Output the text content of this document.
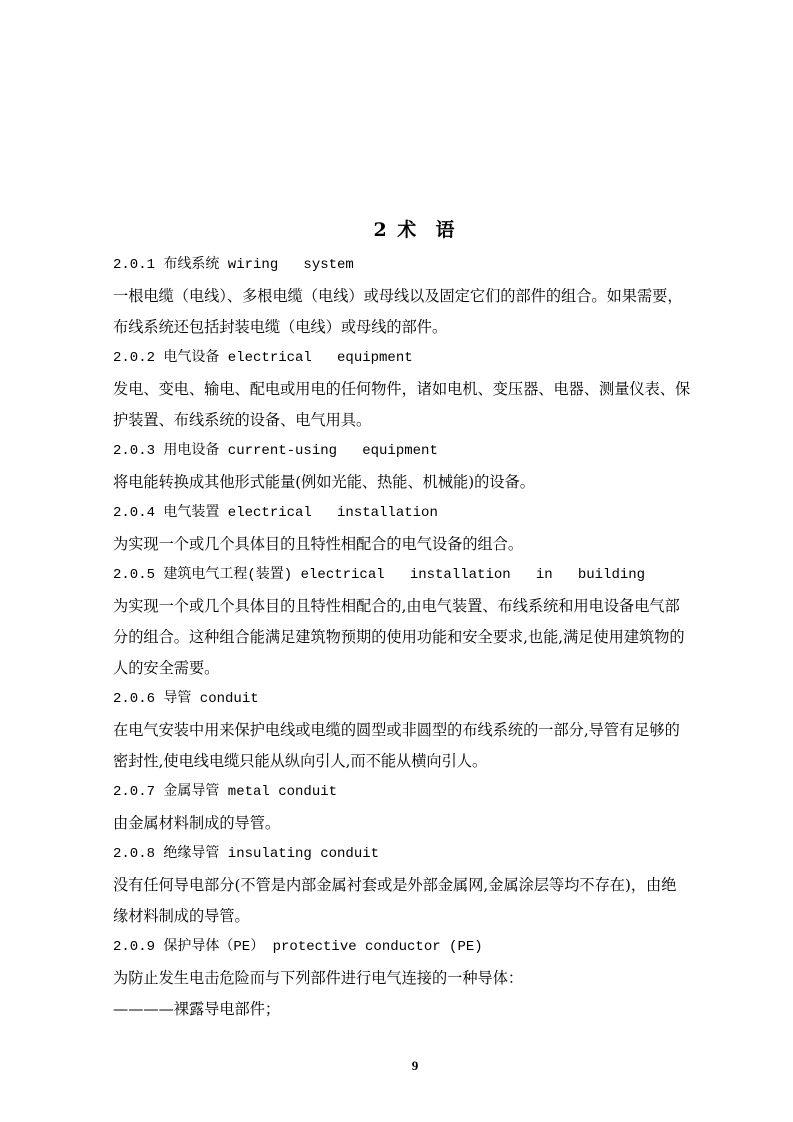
2 术  语
2.0.1 布线系统 wiring   system
一根电缆（电线）、多根电缆（电线）或母线以及固定它们的部件的组合。如果需要，
布线系统还包括封装电缆（电线）或母线的部件。
2.0.2 电气设备 electrical   equipment
发电、变电、输电、配电或用电的任何物件，诸如电机、变压器、电器、测量仪表、保
护装置、布线系统的设备、电气用具。
2.0.3 用电设备 current-using   equipment
将电能转换成其他形式能量(例如光能、热能、机械能)的设备。
2.0.4 电气装置 electrical   installation
为实现一个或几个具体目的且特性相配合的电气设备的组合。
2.0.5 建筑电气工程(装置) electrical   installation   in   building
为实现一个或几个具体目的且特性相配合的,由电气装置、布线系统和用电设备电气部
分的组合。这种组合能满足建筑物预期的使用功能和安全要求,也能,满足使用建筑物的
人的安全需要。
2.0.6 导管 conduit
在电气安装中用来保护电线或电缆的圆型或非圆型的布线系统的一部分,导管有足够的
密封性,使电线电缆只能从纵向引人,而不能从横向引人。
2.0.7 金属导管 metal conduit
由金属材料制成的导管。
2.0.8 绝缘导管 insulating conduit
没有任何导电部分(不管是内部金属衬套或是外部金属网,金属涂层等均不存在)，由绝
缘材料制成的导管。
2.0.9 保护导体（PE） protective conductor (PE)
为防止发生电击危险而与下列部件进行电气连接的一种导体：
————裸露导电部件；
9
